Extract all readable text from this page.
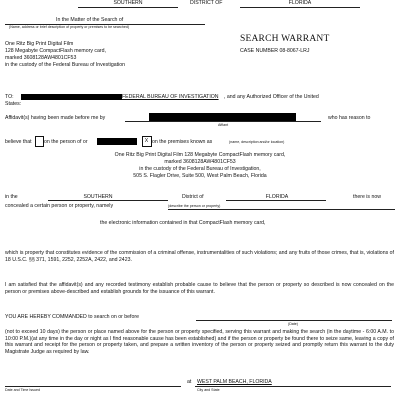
SOUTHERN	DISTRICT OF	FLORIDA
In the Matter of the Search of
(Name, address or brief description of property or premises to be searched)
One Ritz Big Print Digital Film
128 Megabyte CompactFlash memory card,
marked 3608128AW4801CF53
in the custody of the Federal Bureau of Investigation
SEARCH WARRANT
CASE NUMBER 08-8067-LRJ
TO:	FEDERAL BUREAU OF INVESTIGATION , and any Authorized Officer of the United
States:
Affidavit(s) having been made before me by
Affiant
who has reason to
believe that on the person of or	X on the premises known as	(name, description and/or location)
One Ritz Big Print Digital Film 128 Megabyte CompactFlash memory card,
marked 3608128AW4801CF53
in the custody of the Federal Bureau of Investigation,
505 S. Flagler Drive, Suite 500, West Palm Beach, Florida
in the	SOUTHERN	District of	FLORIDA	there is now
concealed a certain person or property, namely	(describe the person or property)
the electronic information contained in that CompactFlash memory card,
which is property that constitutes evidence of the commission of a criminal offense, instrumentalities of such violations; and any fruits of those crimes, that is, violations of 18 U.S.C. §§ 371, 1591, 2252, 2252A, 2422, and 2423.
I am satisfied that the affidavit(s) and any recorded testimony establish probable cause to believe that the person or property so described is now concealed on the person or premises above-described and establish grounds for the issuance of this warrant.
YOU ARE HEREBY COMMANDED to search on or before
(Date)
(not to exceed 10 days) the person or place named above for the person or property specified, serving this warrant and making the search (in the daytime - 6:00 A.M. to 10:00 P.M.)(at any time in the day or night as I find reasonable cause has been established) and if the person or property be found there to seize same, leaving a copy of this warrant and receipt for the person or property taken, and prepare a written inventory of the person or property seized and promptly return this warrant to the duty Magistrate Judge as required by law.
at WEST PALM BEACH, FLORIDA
Date and Time Issued	City and State
